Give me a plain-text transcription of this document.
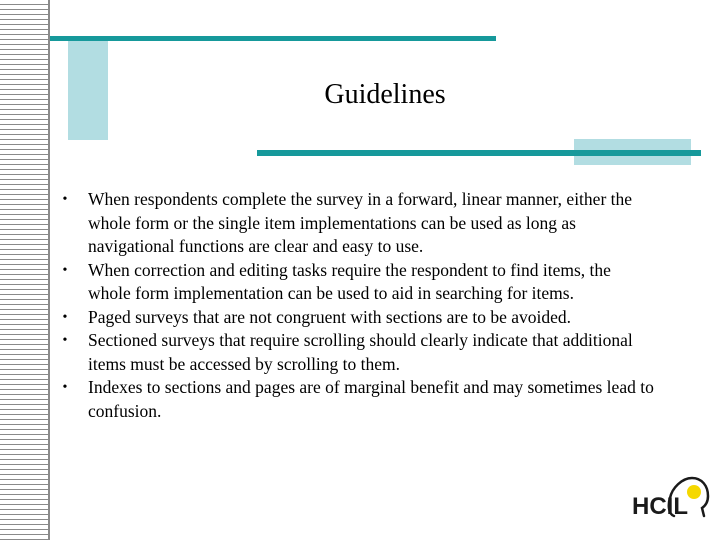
Guidelines
• When respondents complete the survey in a forward, linear manner, either the whole form or the single item implementations can be used as long as navigational functions are clear and easy to use.
• When correction and editing tasks require the respondent to find items, the whole form implementation can be used to aid in searching for items.
• Paged surveys that are not congruent with sections are to be avoided.
• Sectioned surveys that require scrolling should clearly indicate that additional items must be accessed by scrolling to them.
• Indexes to sections and pages are of marginal benefit and may sometimes lead to confusion.
HCIL
